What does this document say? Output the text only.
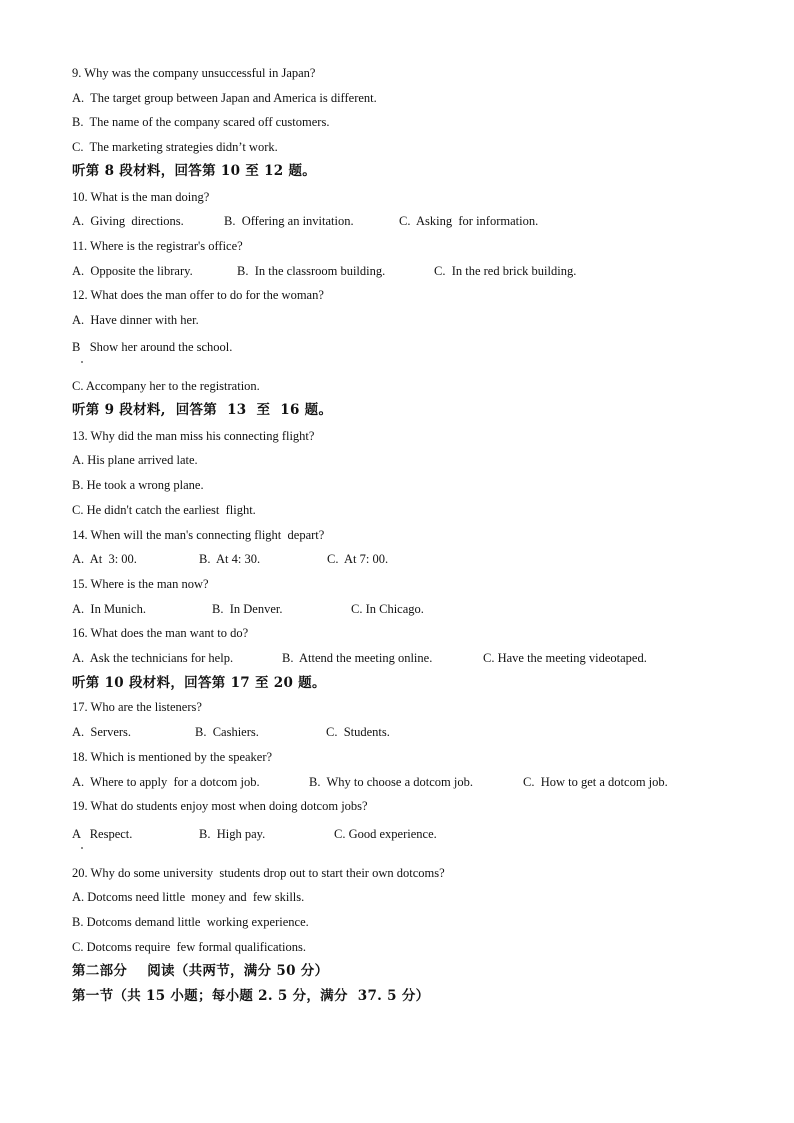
9. Why was the company unsuccessful in Japan?
A.  The target group between Japan and America is different.
B.  The name of the company scared off customers.
C.  The marketing strategies didn’t work.
听第 8 段材料，回答第 10 至 12 题。
10. What is the man doing?
A.  Giving  directions.	B.  Offering an invitation.	C.  Asking  for information.
11. Where is the registrar's office?
A.  Opposite the library.	B.  In the classroom building.	C.  In the red brick building.
12. What does the man offer to do for the woman?
A.  Have dinner with her.
B   Show her around the school.
C. Accompany her to the registration.
听第 9 段材料,  回答第  13  至  16 题。
13. Why did the man miss his connecting flight?
A. His plane arrived late.
B. He took a wrong plane.
C. He didn't catch the earliest  flight.
14. When will the man's connecting flight  depart?
A.  At  3: 00.	B.  At 4: 30.	C.  At 7: 00.
15. Where is the man now?
A.  In Munich.	B.  In Denver.	C. In Chicago.
16. What does the man want to do?
A.  Ask the technicians for help.	B.  Attend the meeting online.	C. Have the meeting videotaped.
听第 10 段材料，回答第 17 至 20 题。
17. Who are the listeners?
A.  Servers.	B.  Cashiers.	C.  Students.
18. Which is mentioned by the speaker?
A.  Where to apply  for a dotcom job.	B.  Why to choose a dotcom job.	C.  How to get a dotcom job.
19. What do students enjoy most when doing dotcom jobs?
A   Respect.	B.  High pay.	C. Good experience.
20. Why do some university  students drop out to start their own dotcoms?
A. Dotcoms need little  money and  few skills.
B. Dotcoms demand little  working experience.
C. Dotcoms require  few formal qualifications.
第二部分    阅读（共两节，满分 50 分）
第一节（共 15 小题；每小题 2. 5 分，满分  37. 5 分）
